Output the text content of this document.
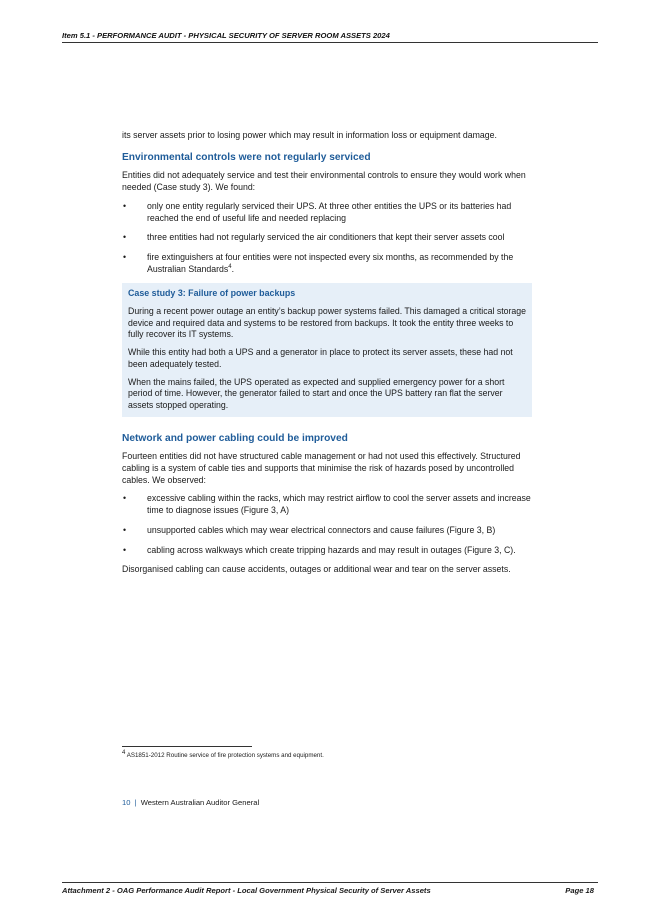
Item 5.1 - PERFORMANCE AUDIT - PHYSICAL SECURITY OF SERVER ROOM ASSETS 2024

its server assets prior to losing power which may result in information loss or equipment damage.

Environmental controls were not regularly serviced

Entities did not adequately service and test their environmental controls to ensure they would work when needed (Case study 3). We found:

• only one entity regularly serviced their UPS. At three other entities the UPS or its batteries had reached the end of useful life and needed replacing
• three entities had not regularly serviced the air conditioners that kept their server assets cool
• fire extinguishers at four entities were not inspected every six months, as recommended by the Australian Standards$^4$.
Case study 3: Failure of power backups

During a recent power outage an entity’s backup power systems failed. This damaged a critical storage device and required data and systems to be restored from backups. It took the entity three weeks to fully recover its IT systems.

While this entity had both a UPS and a generator in place to protect its server assets, these had not been adequately tested.

When the mains failed, the UPS operated as expected and supplied emergency power for a short period of time. However, the generator failed to start and once the UPS battery ran flat the server assets stopped operating.

Network and power cabling could be improved

Fourteen entities did not have structured cable management or had not used this effectively. Structured cabling is a system of cable ties and supports that minimise the risk of hazards posed by uncontrolled cables. We observed:

• excessive cabling within the racks, which may restrict airflow to cool the server assets and increase time to diagnose issues (Figure 3, A)
• unsupported cables which may wear electrical connectors and cause failures (Figure 3, B)
• cabling across walkways which create tripping hazards and may result in outages (Figure 3, C).

Disorganised cabling can cause accidents, outages or additional wear and tear on the server assets.

$^4$ AS1851-2012 Routine service of fire protection systems and equipment.
10 | Western Australian Auditor General
Attachment 2 - OAG Performance Audit Report - Local Government Physical Security of Server Assets	Page 18
